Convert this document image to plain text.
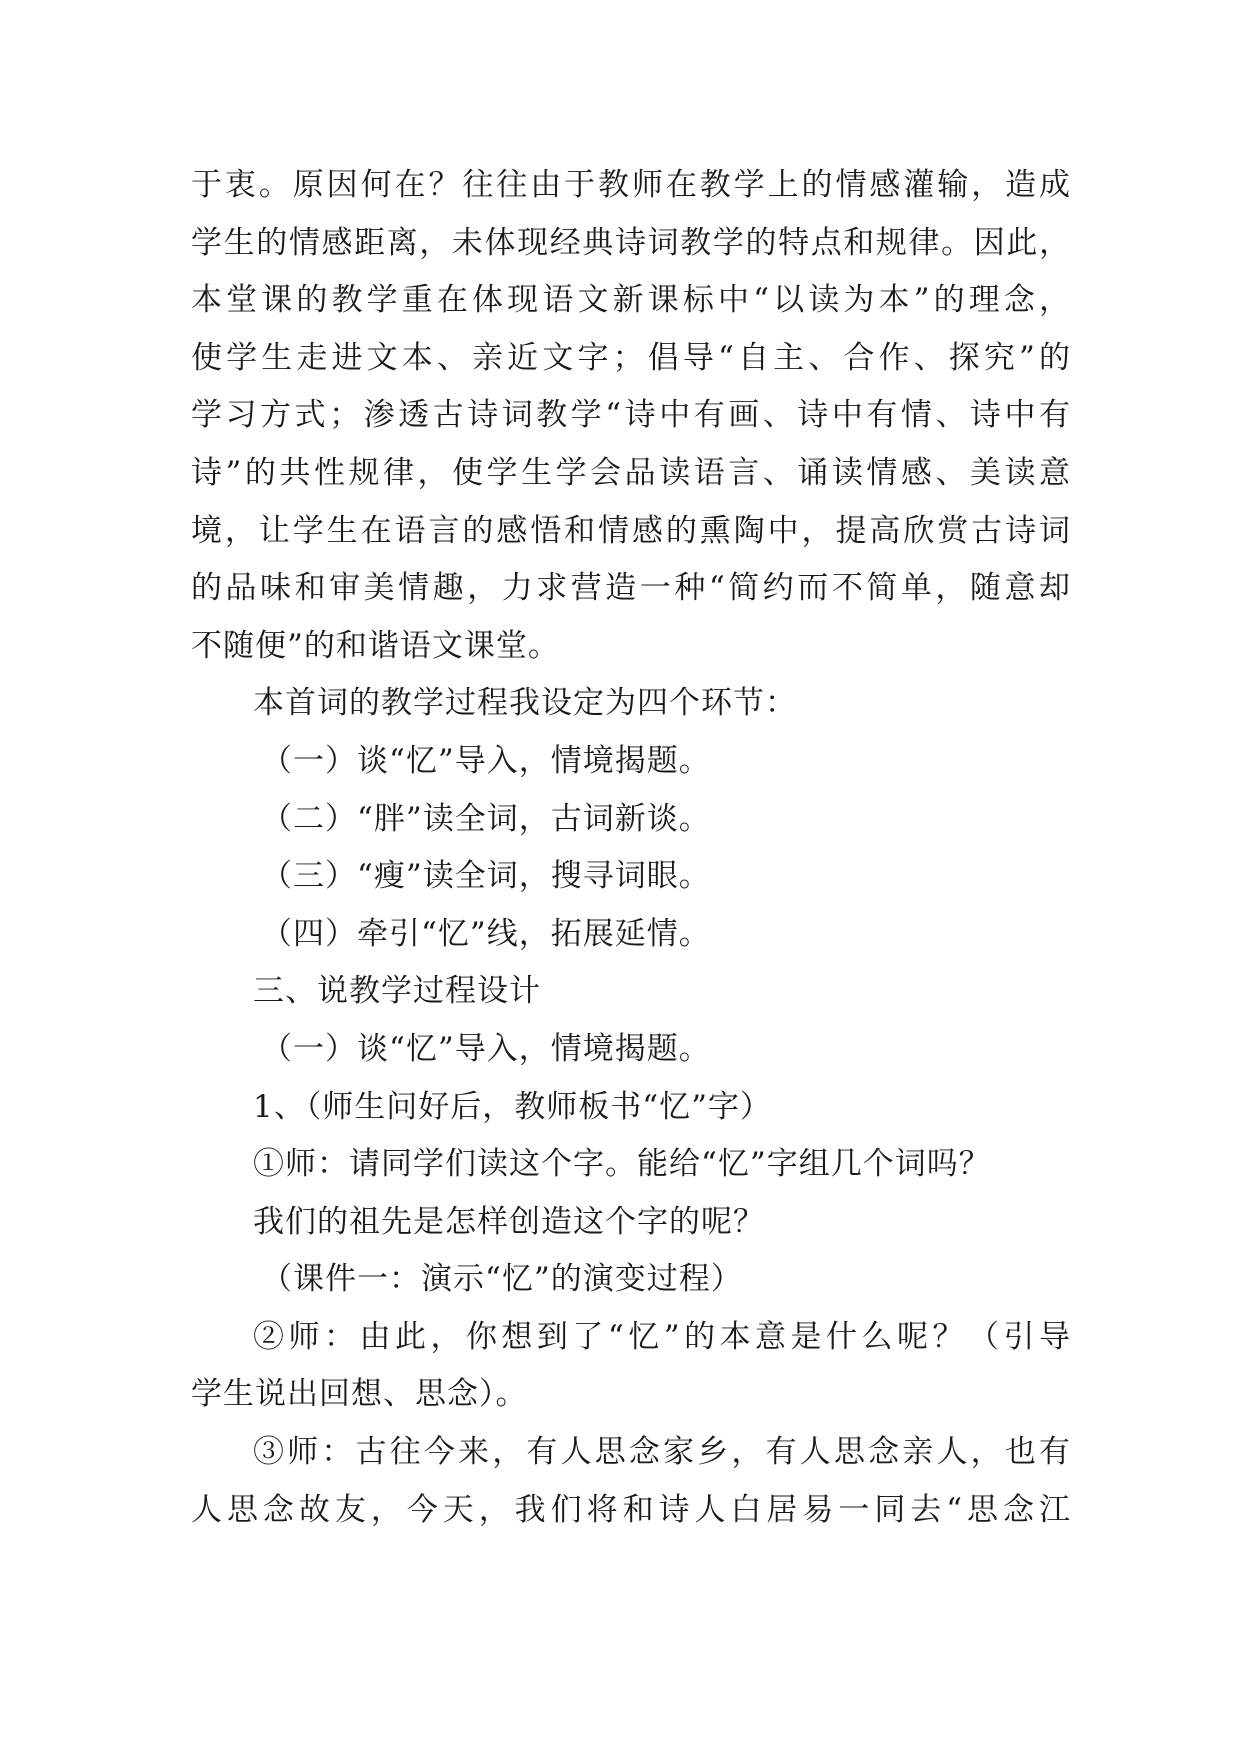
于衷。原因何在？往往由于教师在教学上的情感灌输，造成
学生的情感距离，未体现经典诗词教学的特点和规律。因此，
本堂课的教学重在体现语文新课标中“以读为本”的理念，
使学生走进文本、亲近文字；倡导“自主、合作、探究”的
学习方式；渗透古诗词教学“诗中有画、诗中有情、诗中有
诗”的共性规律，使学生学会品读语言、诵读情感、美读意
境，让学生在语言的感悟和情感的熏陶中，提高欣赏古诗词
的品味和审美情趣，力求营造一种“简约而不简单，随意却
不随便”的和谐语文课堂。
本首词的教学过程我设定为四个环节：
（一）谈“忆”导入，情境揭题。
（二）“胖”读全词，古词新谈。
（三）“瘦”读全词，搜寻词眼。
（四）牵引“忆”线，拓展延情。
三、说教学过程设计
（一）谈“忆”导入，情境揭题。
1、（师生问好后，教师板书“忆”字）
①师：请同学们读这个字。能给“忆”字组几个词吗？
我们的祖先是怎样创造这个字的呢？
（课件一：演示“忆”的演变过程）
②师：由此，你想到了“忆”的本意是什么呢？（引导
学生说出回想、思念）。
③师：古往今来，有人思念家乡，有人思念亲人，也有
人思念故友，今天，我们将和诗人白居易一同去“思念江
